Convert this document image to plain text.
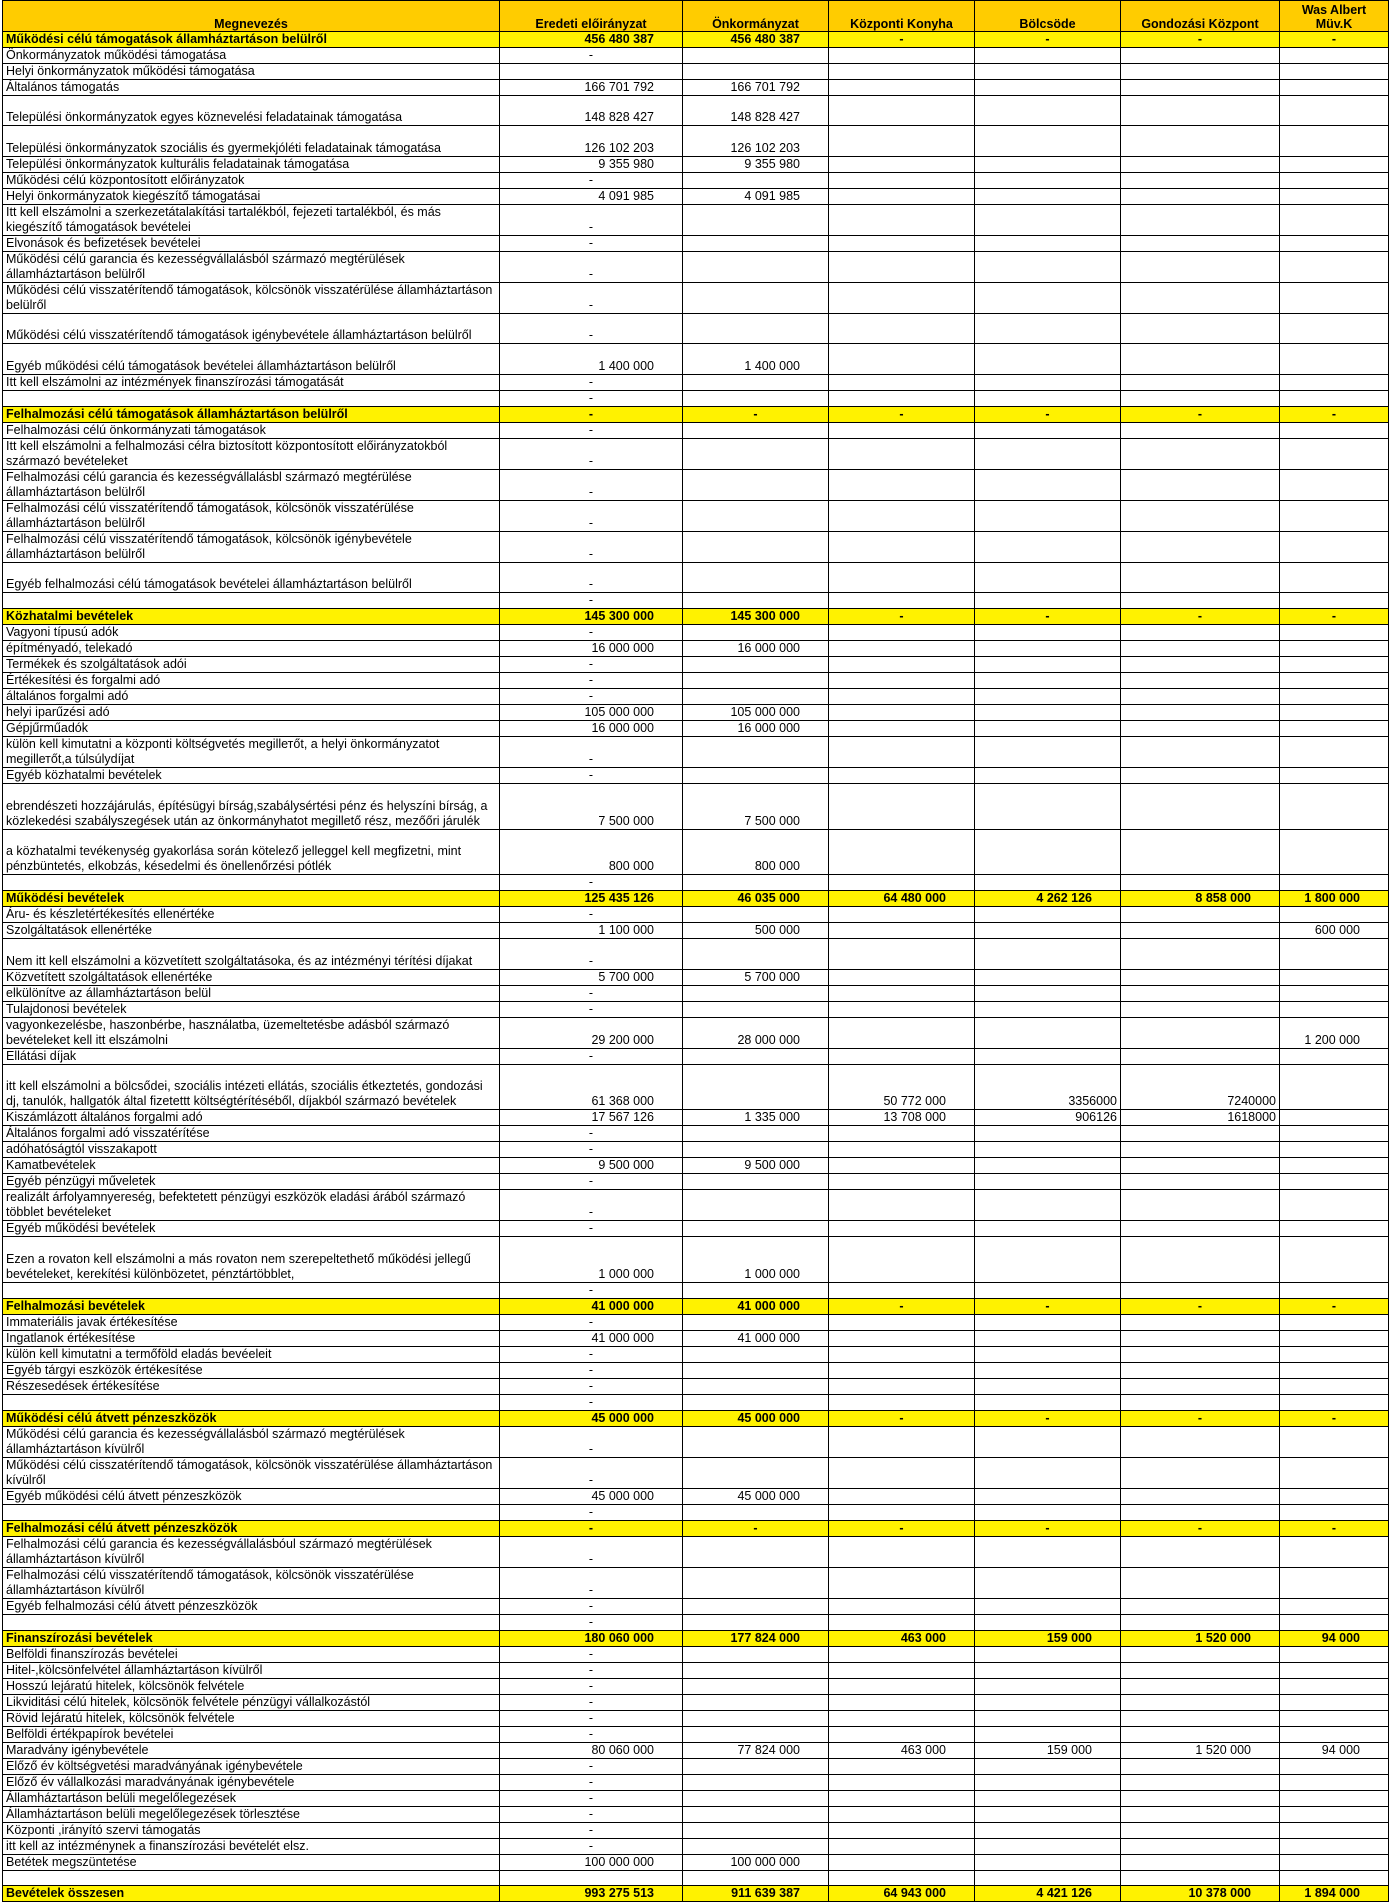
Megnevezés	Eredeti előirányzat	Önkormányzat	Központi Konyha	Bölcsöde	Gondozási Központ	Was Albert Müv.K
Működési célú támogatások államháztartáson belülről	456 480 387	456 480 387	-	-	-	-
Önkormányzatok működési támogatása	-					
Helyi önkormányzatok működési támogatása						
Általános támogatás	166 701 792	166 701 792				
Települési önkormányzatok egyes köznevelési feladatainak támogatása	148 828 427	148 828 427				
Települési önkormányzatok szociális és gyermekjóléti feladatainak támogatása	126 102 203	126 102 203				
Települési önkormányzatok kulturális feladatainak támogatása	9 355 980	9 355 980				
Működési célú központosított előirányzatok	-					
Helyi önkormányzatok kiegészítő támogatásai	4 091 985	4 091 985				
Itt kell elszámolni a szerkezetátalakítási tartalékból, fejezeti tartalékból, és más kiegészítő támogatások bevételei	-					
Elvonások és befizetések bevételei	-					
Működési célú garancia és kezességvállalásból származó megtérülések államháztartáson belülről	-					
Működési célú visszatérítendő támogatások, kölcsönök visszatérülése államháztartáson belülről	-					
Működési célú visszatérítendő támogatások igénybevétele államháztartáson belülről	-					
Egyéb működési célú támogatások bevételei államháztartáson belülről	1 400 000	1 400 000				
Itt kell elszámolni az intézmények finanszírozási támogatását	-					
	-					
Felhalmozási célú támogatások államháztartáson belülről	-	-	-	-	-	-
Felhalmozási célú önkormányzati támogatások	-					
Itt kell elszámolni a felhalmozási célra biztosított központosított előirányzatokból származó bevételeket	-					
Felhalmozási célú garancia és kezességvállalásbl származó megtérülése államháztartáson belülről	-					
Felhalmozási célú visszatérítendő támogatások, kölcsönök visszatérülése államháztartáson belülről	-					
Felhalmozási célú visszatérítendő támogatások, kölcsönök igénybevétele államháztartáson belülről	-					
Egyéb felhalmozási célú támogatások bevételei államháztartáson belülről	-					
	-					
Közhatalmi bevételek	145 300 000	145 300 000	-	-	-	-
Vagyoni típusú adók	-					
építményadó, telekadó	16 000 000	16 000 000				
Termékek és szolgáltatások adói	-					
Értékesítési és forgalmi adó	-					
általános forgalmi adó	-					
helyi iparűzési adó	105 000 000	105 000 000				
Gépjűrműadók	16 000 000	16 000 000				
külön kell kimutatni a központi költségvetés megillетőt, a helyi önkormányzatot megillетőt,a túlsúlydíjat	-					
Egyéb közhatalmi bevételek	-					
ebrendészeti hozzájárulás, építésügyi bírság,szabálysértési pénz és helyszíni bírság, a közlekedési szabályszegések után az önkormányhatot megillető rész, mezőőri járulék	7 500 000	7 500 000				
a közhatalmi tevékenység gyakorlása során kötelező jelleggel kell megfizetni, mint pénzbüntetés, elkobzás, késedelmi és önellenőrzési pótlék	800 000	800 000				
	-					
Működési bevételek	125 435 126	46 035 000	64 480 000	4 262 126	8 858 000	1 800 000
Áru- és készletértékesítés ellenértéke	-					
Szolgáltatások ellenértéke	1 100 000	500 000				600 000
Nem itt kell elszámolni a közvetített szolgáltatásoka, és az intézményi térítési díjakat	-					
Közvetített szolgáltatások ellenértéke	5 700 000	5 700 000				
elkülönítve az államháztartáson belül	-					
Tulajdonosi bevételek	-					
vagyonkezelésbe, haszonbérbe, használatba, üzemeltetésbe adásból származó bevételeket kell itt elszámolni	29 200 000	28 000 000				1 200 000
Ellátási díjak	-					
itt kell elszámolni a bölcsődei, szociális intézeti ellátás, szociális étkeztetés, gondozási dj, tanulók, hallgatók által fizetettt költségtérítéséből, díjakból származó bevételek	61 368 000		50 772 000	3356000	7240000	
Kiszámlázott általános forgalmi adó	17 567 126	1 335 000	13 708 000	906126	1618000	
Általános forgalmi adó visszatérítése	-					
adóhatóságtól visszakapott	-					
Kamatbevételek	9 500 000	9 500 000				
Egyéb pénzügyi műveletek	-					
realizált árfolyamnyereség, befektetett pénzügyi eszközök eladási árából származó többlet bevételeket	-					
Egyéb működési bevételek	-					
Ezen a rovaton kell elszámolni a más rovaton nem szerepeltethető működési jellegű bevételeket, kerekítési különbözetet, pénztártöbblet,	1 000 000	1 000 000				
	-					
Felhalmozási bevételek	41 000 000	41 000 000	-	-	-	-
Immateriális javak értékesítése	-					
Ingatlanok értékesítése	41 000 000	41 000 000				
külön kell kimutatni a termőföld eladás bevéeleit	-					
Egyéb tárgyi eszközök értékesítése	-					
Részesedések értékesítése	-					
	-					
Működési célú átvett pénzeszközök	45 000 000	45 000 000	-	-	-	-
Működési célú garancia és kezességvállalásból származó megtérülések államháztartáson kívülről	-					
Működési célú cisszatérítendő támogatások, kölcsönök visszatérülése államháztartáson kívülről	-					
Egyéb működési célú átvett pénzeszközök	45 000 000	45 000 000				
	-					
Felhalmozási célú átvett pénzeszközök	-	-	-	-	-	-
Felhalmozási célú garancia és kezességvállalásbóul származó megtérülések államháztartáson kívülről	-					
Felhalmozási célú visszatérítendő támogatások, kölcsönök visszatérülése államháztartáson kívülről	-					
Egyéb felhalmozási célú átvett pénzeszközök	-					
	-					
Finanszírozási bevételek	180 060 000	177 824 000	463 000	159 000	1 520 000	94 000
Belföldi finanszírozás bevételei	-					
Hitel-,kölcsönfelvétel államháztartáson kívülről	-					
Hosszú lejáratú hitelek, kölcsönök felvétele	-					
Likviditási célú hitelek, kölcsönök felvétele pénzügyi vállalkozástól	-					
Rövid lejáratú hitelek, kölcsönök felvétele	-					
Belföldi értékpapírok bevételei	-					
Maradvány igénybevétele	80 060 000	77 824 000	463 000	159 000	1 520 000	94 000
Előző év költségvetési maradványának igénybevétele	-					
Előző év vállalkozási maradványának igénybevétele	-					
Államháztartáson belüli megelőlegezések	-					
Államháztartáson belüli megelőlegezések törlesztése	-					
Központi ,irányító szervi támogatás	-					
itt kell az intézménynek a finanszírozási bevételét elsz.	-					
Betétek megszüntetése	100 000 000	100 000 000				

Bevételek összesen	993 275 513	911 639 387	64 943 000	4 421 126	10 378 000	1 894 000
